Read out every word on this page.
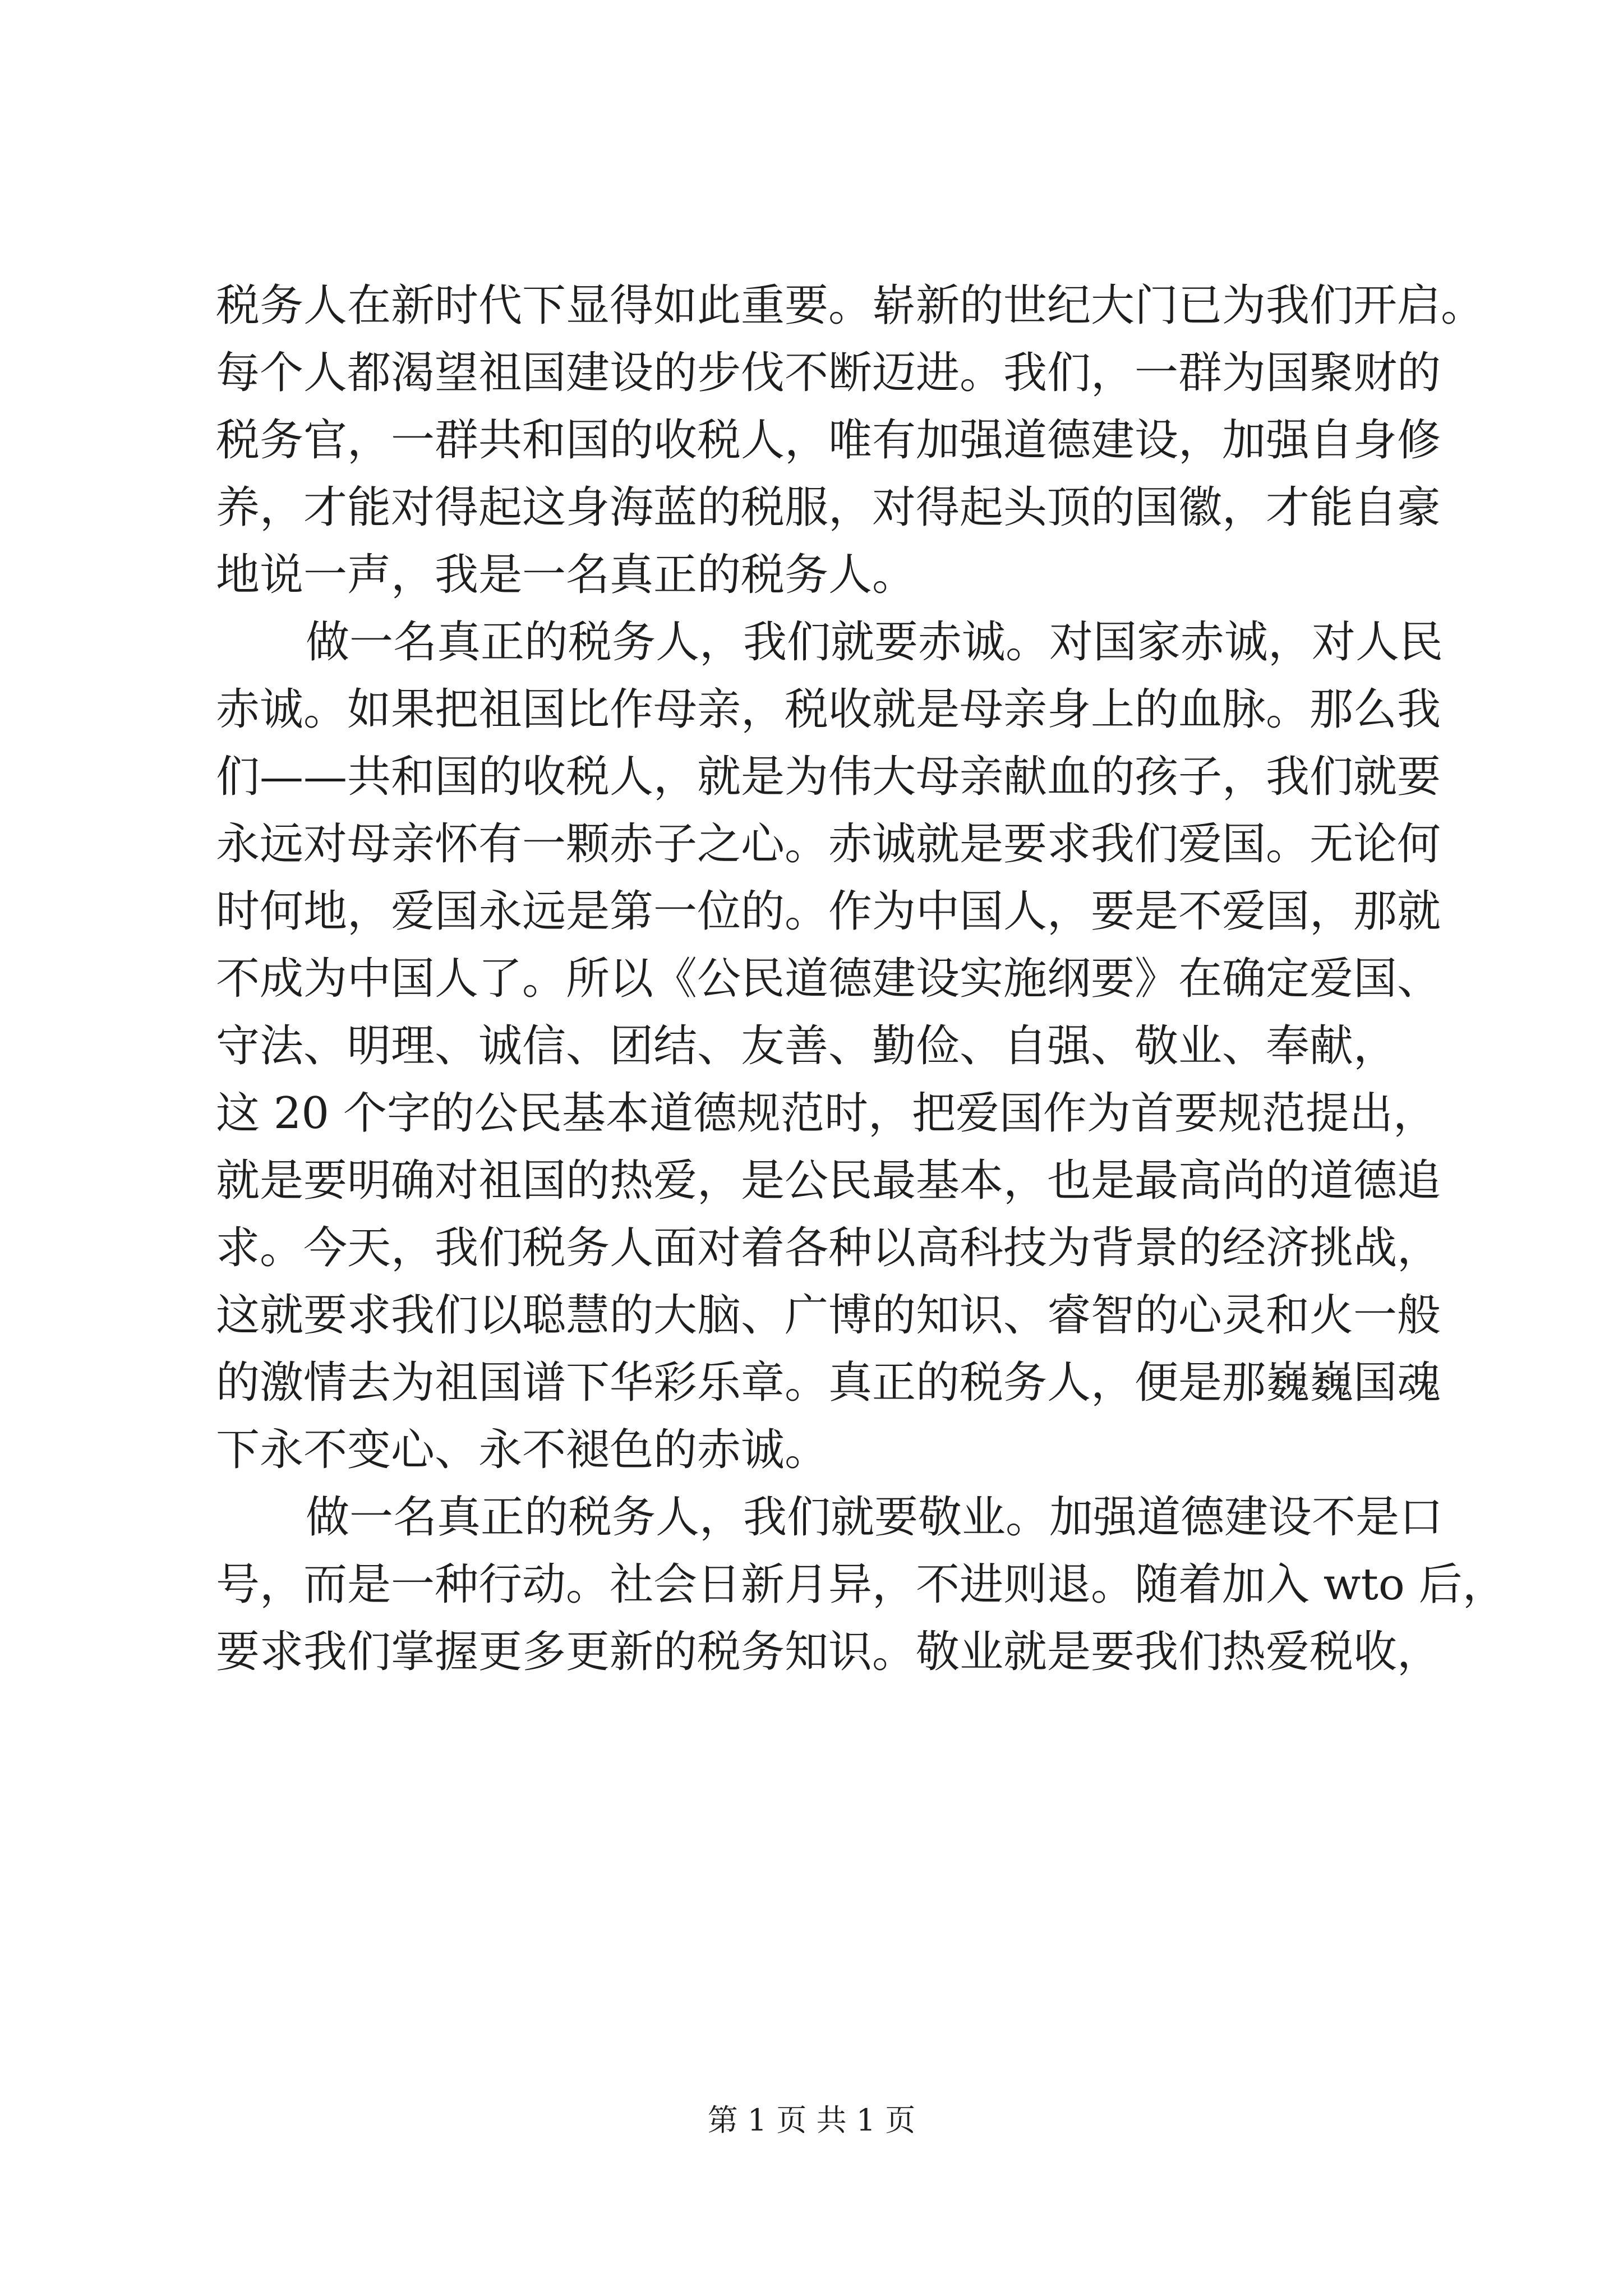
税务人在新时代下显得如此重要。崭新的世纪大门已为我们开启。
每个人都渴望祖国建设的步伐不断迈进。我们，一群为国聚财的
税务官，一群共和国的收税人，唯有加强道德建设，加强自身修
养，才能对得起这身海蓝的税服，对得起头顶的国徽，才能自豪
地说一声，我是一名真正的税务人。
做一名真正的税务人，我们就要赤诚。对国家赤诚，对人民
赤诚。如果把祖国比作母亲，税收就是母亲身上的血脉。那么我
们——共和国的收税人，就是为伟大母亲献血的孩子，我们就要
永远对母亲怀有一颗赤子之心。赤诚就是要求我们爱国。无论何
时何地，爱国永远是第一位的。作为中国人，要是不爱国，那就
不成为中国人了。所以《公民道德建设实施纲要》在确定爱国、
守法、明理、诚信、团结、友善、勤俭、自强、敬业、奉献，
这 20 个字的公民基本道德规范时，把爱国作为首要规范提出，
就是要明确对祖国的热爱，是公民最基本，也是最高尚的道德追
求。今天，我们税务人面对着各种以高科技为背景的经济挑战，
这就要求我们以聪慧的大脑、广博的知识、睿智的心灵和火一般
的激情去为祖国谱下华彩乐章。真正的税务人，便是那巍巍国魂
下永不变心、永不褪色的赤诚。
做一名真正的税务人，我们就要敬业。加强道德建设不是口
号，而是一种行动。社会日新月异，不进则退。随着加入 wto 后，
要求我们掌握更多更新的税务知识。敬业就是要我们热爱税收，
第 1 页 共 1 页
